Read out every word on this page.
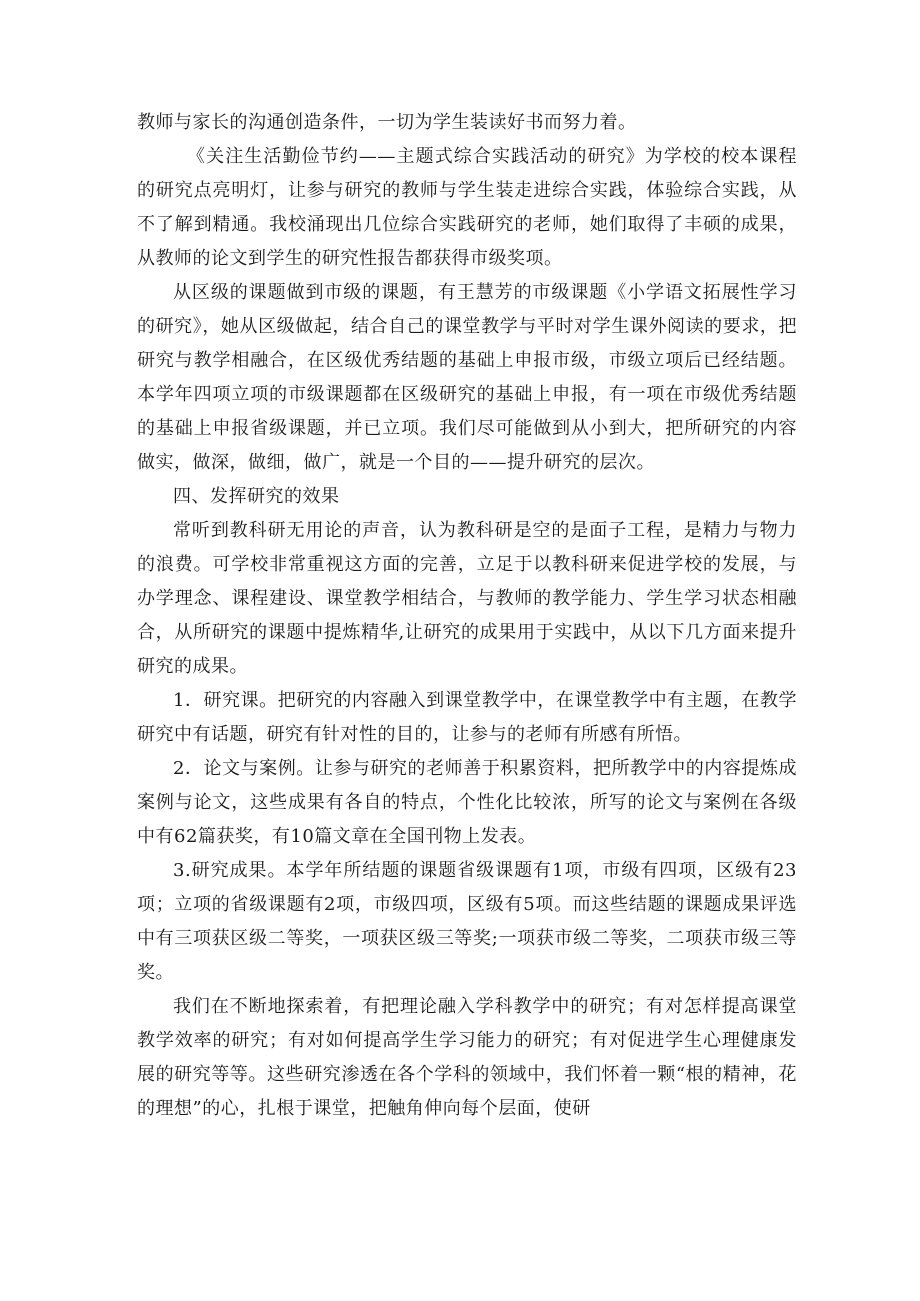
教师与家长的沟通创造条件，一切为学生装读好书而努力着。

《关注生活勤俭节约——主题式综合实践活动的研究》为学校的校本课程的研究点亮明灯，让参与研究的教师与学生装走进综合实践，体验综合实践，从不了解到精通。我校涌现出几位综合实践研究的老师，她们取得了丰硕的成果，从教师的论文到学生的研究性报告都获得市级奖项。

从区级的课题做到市级的课题，有王慧芳的市级课题《小学语文拓展性学习的研究》，她从区级做起，结合自己的课堂教学与平时对学生课外阅读的要求，把研究与教学相融合，在区级优秀结题的基础上申报市级，市级立项后已经结题。本学年四项立项的市级课题都在区级研究的基础上申报，有一项在市级优秀结题的基础上申报省级课题，并已立项。我们尽可能做到从小到大，把所研究的内容做实，做深，做细，做广，就是一个目的——提升研究的层次。

四、发挥研究的效果

常听到教科研无用论的声音，认为教科研是空的是面子工程，是精力与物力的浪费。可学校非常重视这方面的完善，立足于以教科研来促进学校的发展，与办学理念、课程建设、课堂教学相结合，与教师的教学能力、学生学习状态相融合，从所研究的课题中提炼精华,让研究的成果用于实践中，从以下几方面来提升研究的成果。

1．研究课。把研究的内容融入到课堂教学中，在课堂教学中有主题，在教学研究中有话题，研究有针对性的目的，让参与的老师有所感有所悟。

2．论文与案例。让参与研究的老师善于积累资料，把所教学中的内容提炼成案例与论文，这些成果有各自的特点，个性化比较浓，所写的论文与案例在各级中有62篇获奖，有10篇文章在全国刊物上发表。

3.研究成果。本学年所结题的课题省级课题有1项，市级有四项，区级有23项；立项的省级课题有2项，市级四项，区级有5项。而这些结题的课题成果评选中有三项获区级二等奖，一项获区级三等奖;一项获市级二等奖，二项获市级三等奖。

我们在不断地探索着，有把理论融入学科教学中的研究；有对怎样提高课堂教学效率的研究；有对如何提高学生学习能力的研究；有对促进学生心理健康发展的研究等等。这些研究渗透在各个学科的领域中，我们怀着一颗“根的精神，花的理想”的心，扎根于课堂，把触角伸向每个层面，使研
